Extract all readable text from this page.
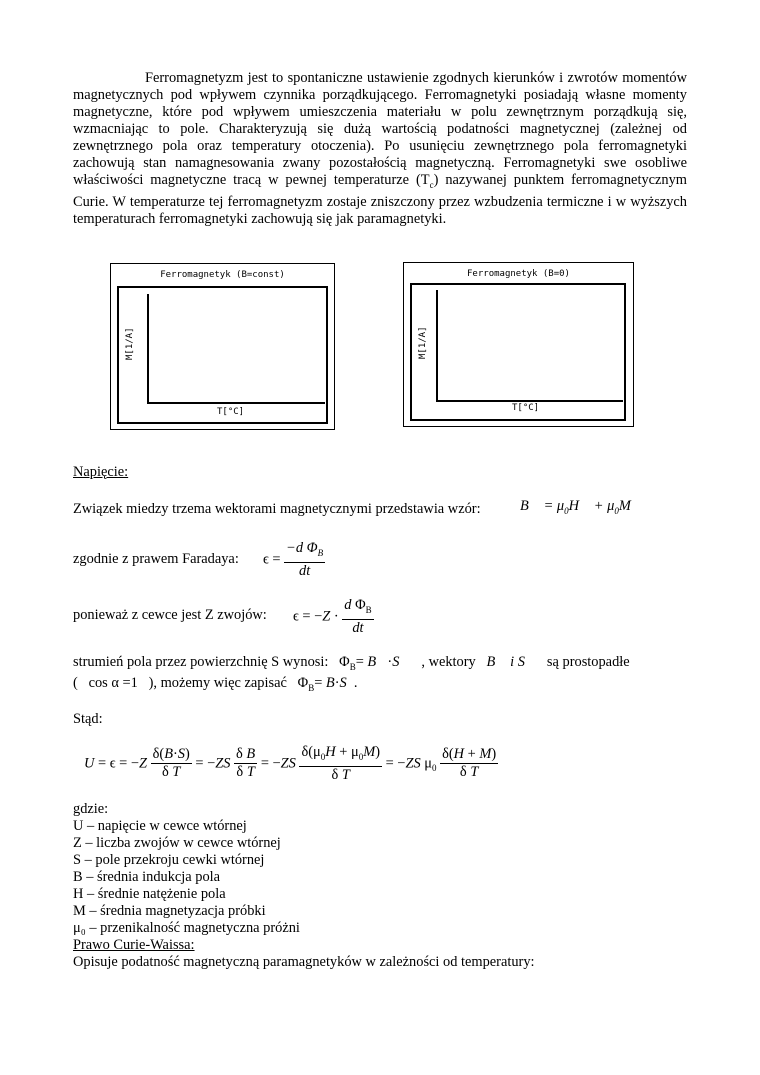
Ferromagnetyzm jest to spontaniczne ustawienie zgodnych kierunków i zwrotów momentów magnetycznych pod wpływem czynnika porządkującego. Ferromagnetyki posiadają własne momenty magnetyczne, które pod wpływem umieszczenia materiału w polu zewnętrznym porządkują się, wzmacniając to pole. Charakteryzują się dużą wartością podatności magnetycznej (zależnej od zewnętrznego pola oraz temperatury otoczenia). Po usunięciu zewnętrznego pola ferromagnetyki zachowują stan namagnesowania zwany pozostałością magnetyczną. Ferromagnetyki swe osobliwe właściwości magnetyczne tracą w pewnej temperaturze $(T_c)$ nazywanej punktem ferromagnetycznym Curie. W temperaturze tej ferromagnetyzm zostaje zniszczony przez wzbudzenia termiczne i w wyższych temperaturach ferromagnetyki zachowują się jak paramagnetyki.

Ferromagnetyk (B=const)
M[1/A]
T[°C]
Ferromagnetyk (B=0)
M[1/A]
T[°C]
Napięcie:
Związek miedzy trzema wektorami magnetycznymi przedstawia wzór:	B⃗ = $\mu_0H⃗$ + $\mu_0M⃗$
zgodnie z prawem Faradaya: $\epsilon = \frac{-d \Phi_B}{dt}$
ponieważ z cewce jest Z zwojów: $\epsilon = -Z \cdot \frac{d \Phi_B}{dt}$
strumień pola przez powierzchnię S wynosi:   $\Phi_B=$ B⃗·S⃗ , wektory B⃗ i S⃗ są prostopadłe
(   cos α =1   ), możemy więc zapisać   $\Phi_B= B\cdot S$  .
Stąd:
$U = \epsilon = -Z \frac{\delta(B\cdot S)}{\text{δ T}} = -ZS \frac{\text{δ B}}{\text{δ T}} = -ZS \frac{\delta(\mu_0H + \mu_0M)}{\text{δ T}} = -ZS$ $\mu_0 \frac{\delta(H + M)}{\text{δ T}}$
gdzie:
U – napięcie w cewce wtórnej
Z – liczba zwojów w cewce wtórnej
S – pole przekroju cewki wtórnej
B – średnia indukcja pola
H – średnie natężenie pola
M – średnia magnetyzacja próbki
μ₀ – przenikalność magnetyczna próżni
Prawo Curie-Waissa:
Opisuje podatność magnetyczną paramagnetyków w zależności od temperatury:
